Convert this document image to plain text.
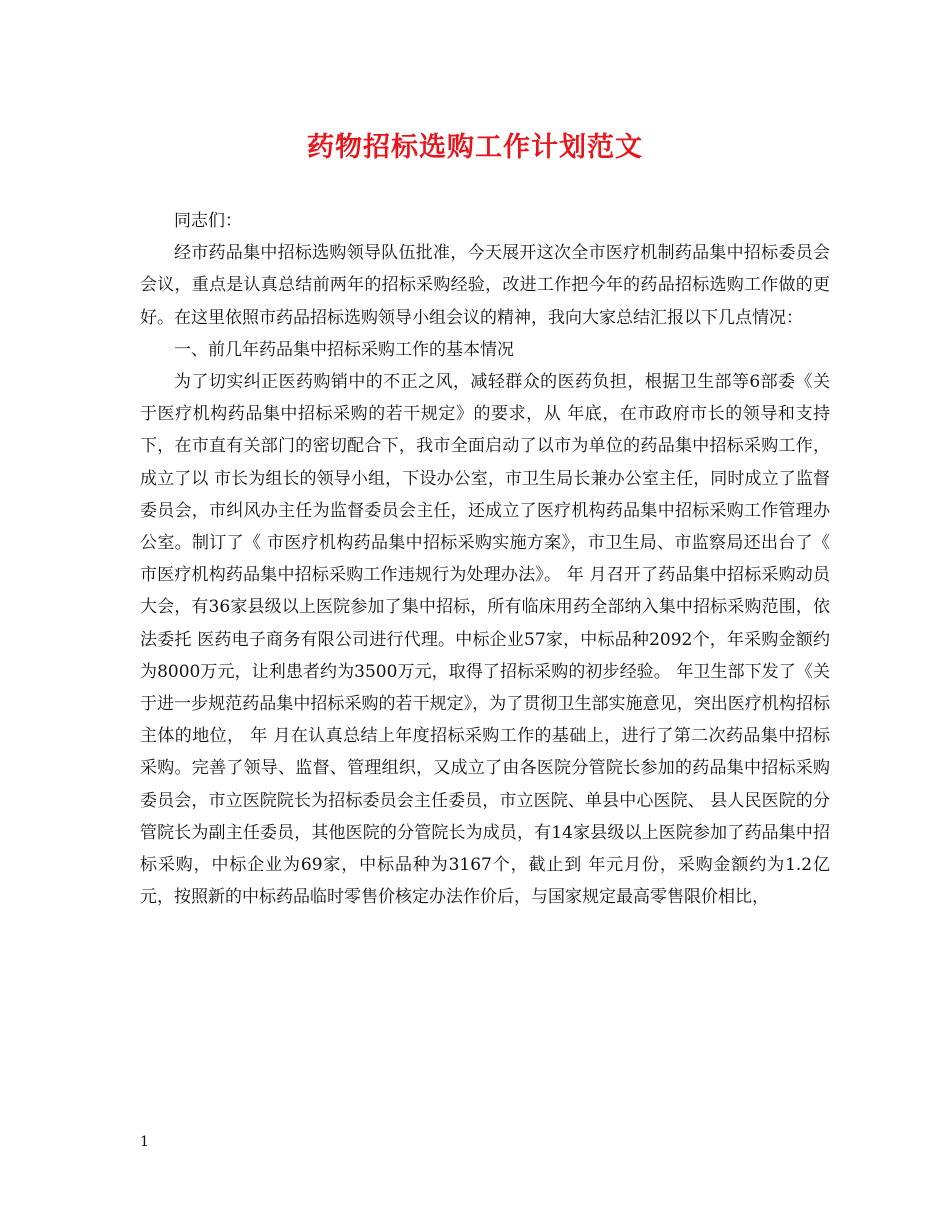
药物招标选购工作计划范文

同志们：

经市药品集中招标选购领导队伍批准，今天展开这次全市医疗机制药品集中招标委员会会议，重点是认真总结前两年的招标采购经验，改进工作把今年的药品招标选购工作做的更好。在这里依照市药品招标选购领导小组会议的精神，我向大家总结汇报以下几点情况：

一、前几年药品集中招标采购工作的基本情况

为了切实纠正医药购销中的不正之风，减轻群众的医药负担，根据卫生部等6部委《关于医疗机构药品集中招标采购的若干规定》的要求，从 年底，在市政府市长的领导和支持下，在市直有关部门的密切配合下，我市全面启动了以市为单位的药品集中招标采购工作，成立了以 市长为组长的领导小组，下设办公室，市卫生局长兼办公室主任，同时成立了监督委员会，市纠风办主任为监督委员会主任，还成立了医疗机构药品集中招标采购工作管理办公室。制订了《 市医疗机构药品集中招标采购实施方案》，市卫生局、市监察局还出台了《 市医疗机构药品集中招标采购工作违规行为处理办法》。 年 月召开了药品集中招标采购动员大会，有36家县级以上医院参加了集中招标，所有临床用药全部纳入集中招标采购范围，依法委托 医药电子商务有限公司进行代理。中标企业57家，中标品种2092个，年采购金额约为8000万元，让利患者约为3500万元，取得了招标采购的初步经验。 年卫生部下发了《关于进一步规范药品集中招标采购的若干规定》，为了贯彻卫生部实施意见，突出医疗机构招标主体的地位， 年 月在认真总结上年度招标采购工作的基础上，进行了第二次药品集中招标采购。完善了领导、监督、管理组织，又成立了由各医院分管院长参加的药品集中招标采购委员会，市立医院院长为招标委员会主任委员，市立医院、单县中心医院、 县人民医院的分管院长为副主任委员，其他医院的分管院长为成员，有14家县级以上医院参加了药品集中招标采购，中标企业为69家，中标品种为3167个，截止到 年元月份，采购金额约为1.2亿元，按照新的中标药品临时零售价核定办法作价后，与国家规定最高零售限价相比，

1
